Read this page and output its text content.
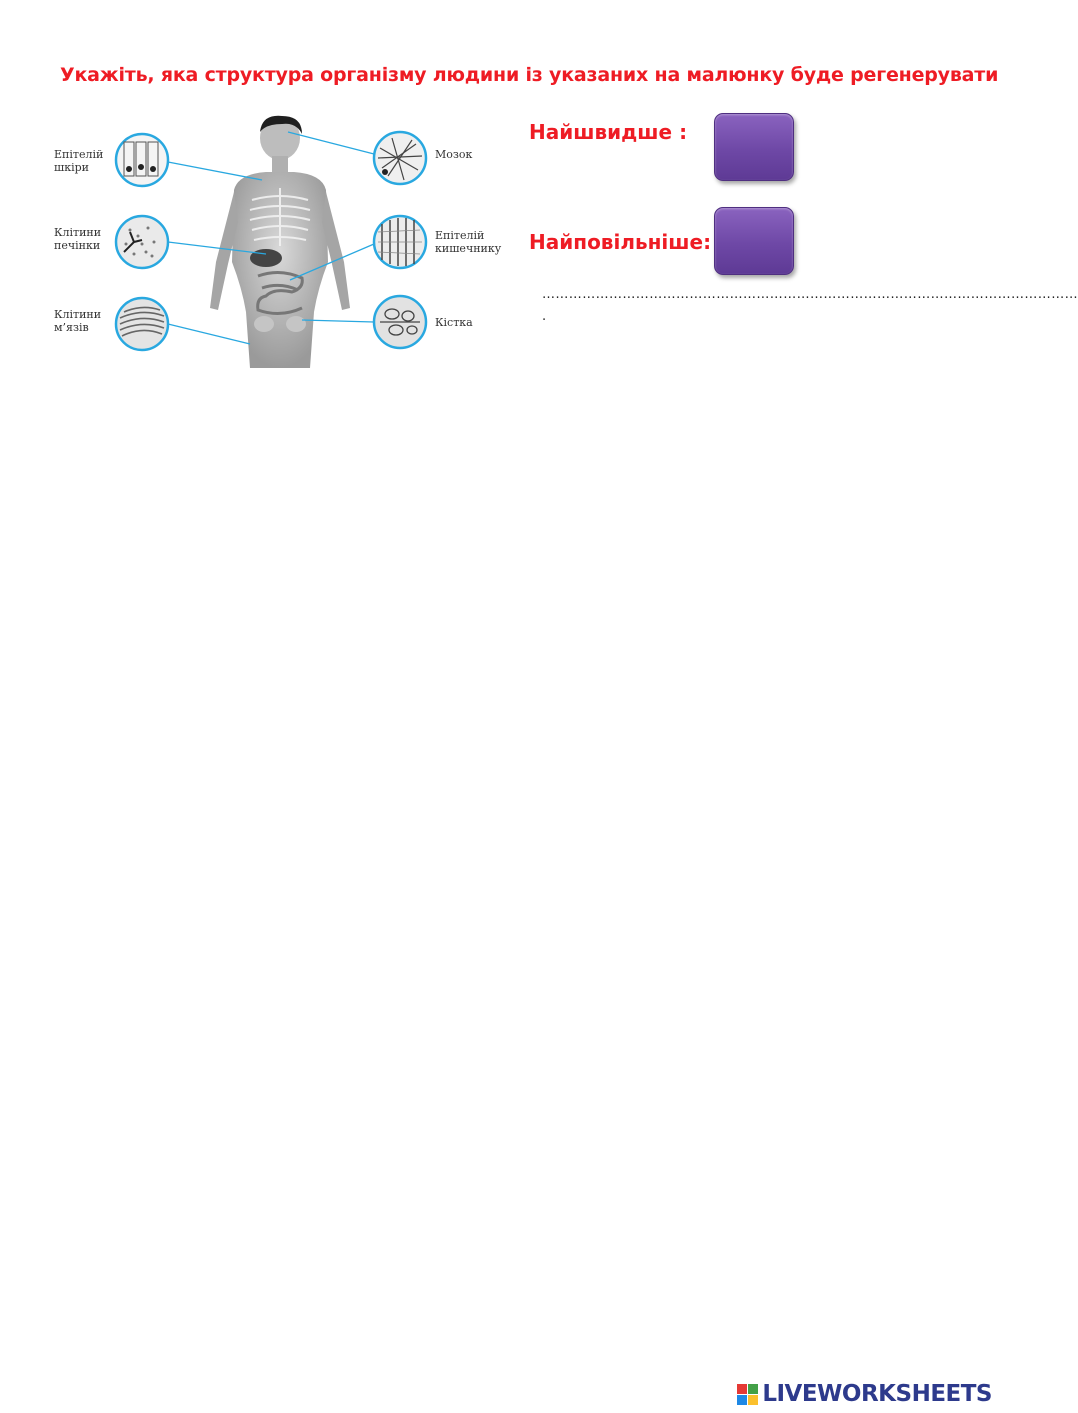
Укажіть, яка структура організму людини із указаних на малюнку буде регенерувати
Епітелій шкіри
Клітини печінки
Клітини м’язів
Мозок
Епітелій кишечнику
Кістка
Найшвидше :
Найповільніше:
…………………………………………………………………………………………………………
.
LIVEWORKSHEETS
